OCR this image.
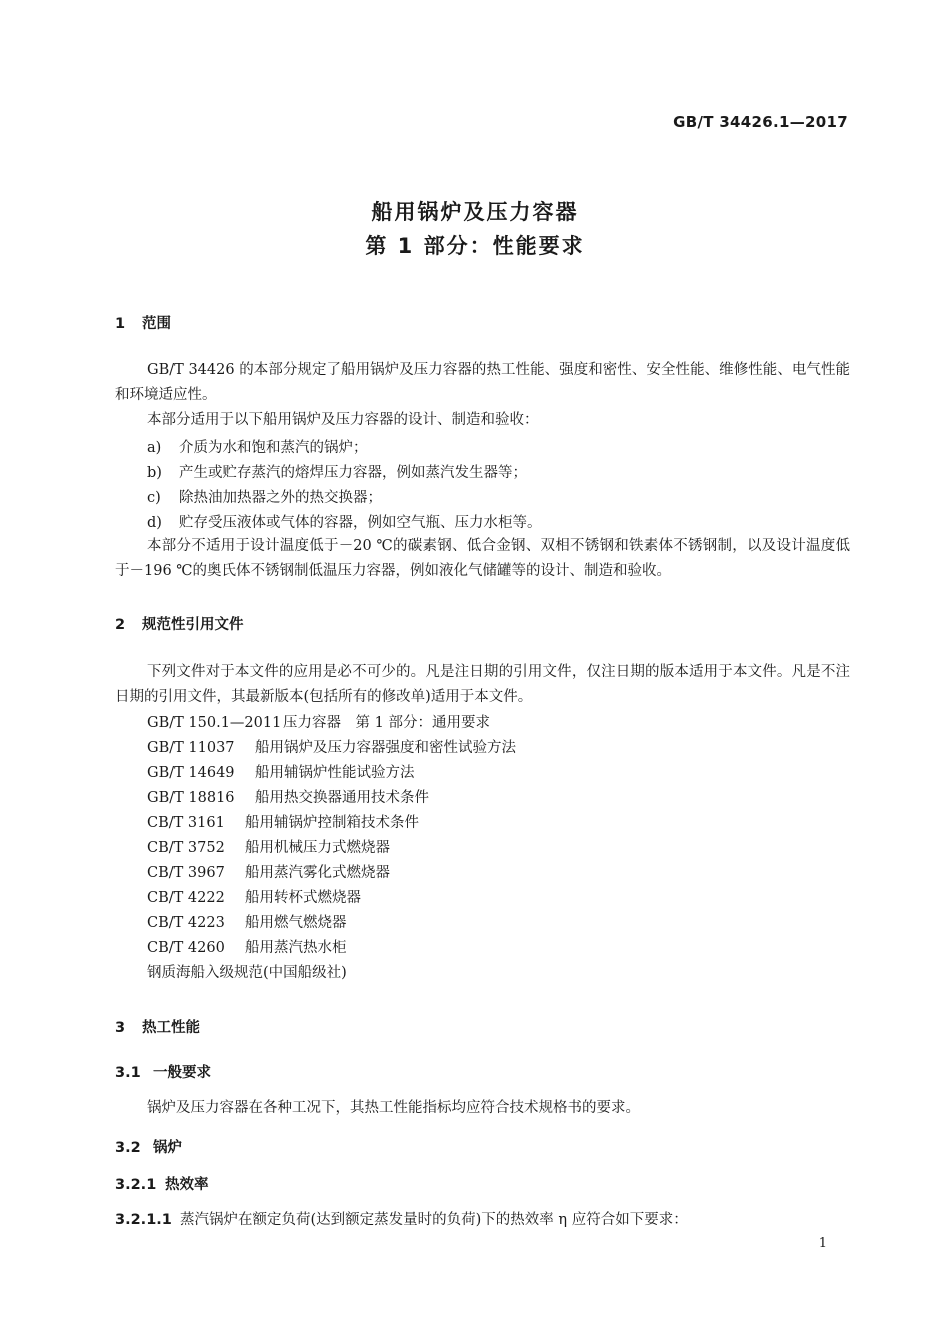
GB/T 34426.1—2017
船用锅炉及压力容器
第 1 部分：性能要求
1 范围
GB/T 34426 的本部分规定了船用锅炉及压力容器的热工性能、强度和密性、安全性能、维修性能、电气性能和环境适应性。
本部分适用于以下船用锅炉及压力容器的设计、制造和验收：
a) 介质为水和饱和蒸汽的锅炉；
b) 产生或贮存蒸汽的熔焊压力容器，例如蒸汽发生器等；
c) 除热油加热器之外的热交换器；
d) 贮存受压液体或气体的容器，例如空气瓶、压力水柜等。
本部分不适用于设计温度低于－20 ℃的碳素钢、低合金钢、双相不锈钢和铁素体不锈钢制，以及设计温度低于－196 ℃的奥氏体不锈钢制低温压力容器，例如液化气储罐等的设计、制造和验收。
2 规范性引用文件
下列文件对于本文件的应用是必不可少的。凡是注日期的引用文件，仅注日期的版本适用于本文件。凡是不注日期的引用文件，其最新版本(包括所有的修改单)适用于本文件。
GB/T 150.1—2011 压力容器　第 1 部分：通用要求
GB/T 11037 船用锅炉及压力容器强度和密性试验方法
GB/T 14649 船用辅锅炉性能试验方法
GB/T 18816 船用热交换器通用技术条件
CB/T 3161 船用辅锅炉控制箱技术条件
CB/T 3752 船用机械压力式燃烧器
CB/T 3967 船用蒸汽雾化式燃烧器
CB/T 4222 船用转杯式燃烧器
CB/T 4223 船用燃气燃烧器
CB/T 4260 船用蒸汽热水柜
钢质海船入级规范(中国船级社)
3 热工性能
3.1 一般要求
锅炉及压力容器在各种工况下，其热工性能指标均应符合技术规格书的要求。
3.2 锅炉
3.2.1 热效率
3.2.1.1 蒸汽锅炉在额定负荷(达到额定蒸发量时的负荷)下的热效率 η 应符合如下要求：
1
